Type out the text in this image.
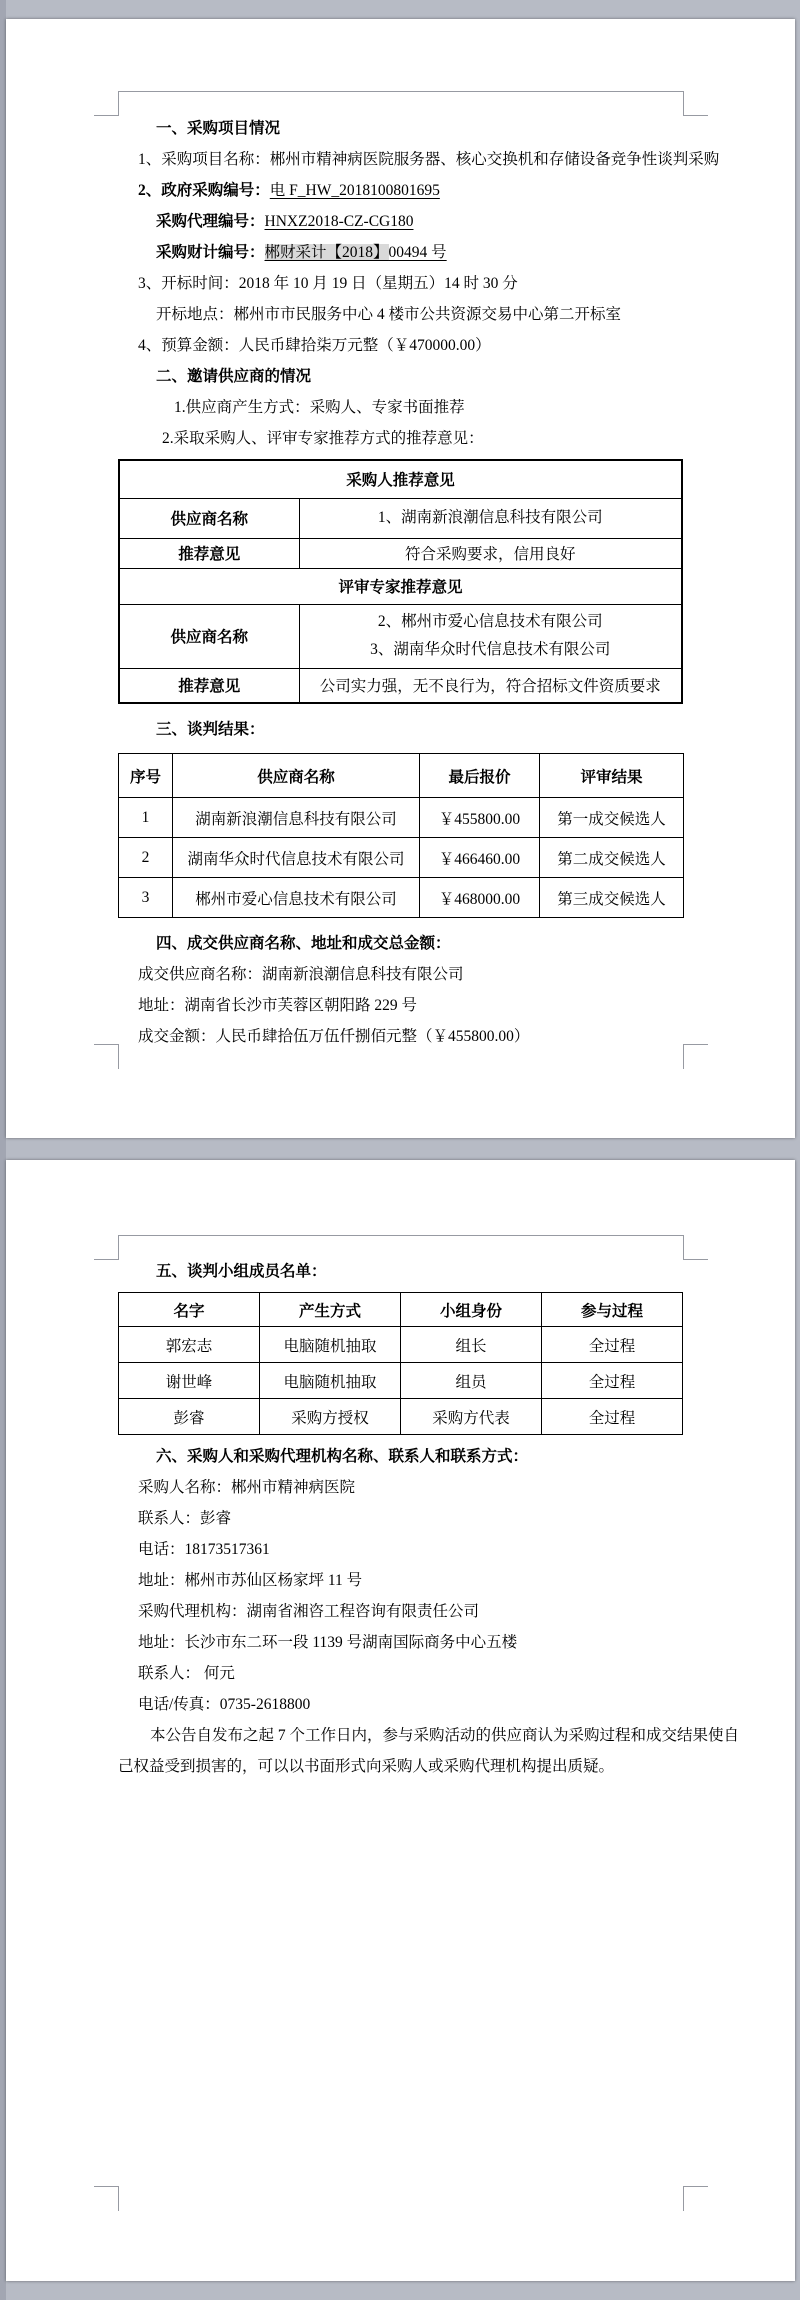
一、采购项目情况
1、采购项目名称：郴州市精神病医院服务器、核心交换机和存储设备竞争性谈判采购
2、政府采购编号：电 F_HW_2018100801695
采购代理编号：HNXZ2018-CZ-CG180
采购财计编号：郴财采计【2018】00494 号
3、开标时间：2018 年 10 月 19 日（星期五）14 时 30 分
开标地点：郴州市市民服务中心 4 楼市公共资源交易中心第二开标室
4、预算金额：人民币肆拾柒万元整（￥470000.00）
二、邀请供应商的情况
1.供应商产生方式：采购人、专家书面推荐
2.采取采购人、评审专家推荐方式的推荐意见：
采购人推荐意见	
供应商名称	1、湖南新浪潮信息科技有限公司

推荐意见	符合采购要求，信用良好
评审专家推荐意见	
供应商名称	2、郴州市爱心信息技术有限公司
3、湖南华众时代信息技术有限公司

推荐意见	公司实力强，无不良行为，符合招标文件资质要求
三、谈判结果：
序号	供应商名称	最后报价	评审结果
1	湖南新浪潮信息科技有限公司	￥455800.00	第一成交候选人
2	湖南华众时代信息技术有限公司	￥466460.00	第二成交候选人
3	郴州市爱心信息技术有限公司	￥468000.00	第三成交候选人
四、成交供应商名称、地址和成交总金额：
成交供应商名称：湖南新浪潮信息科技有限公司
地址：湖南省长沙市芙蓉区朝阳路 229 号
成交金额：人民币肆拾伍万伍仟捌佰元整（￥455800.00）
五、谈判小组成员名单：
名字	产生方式	小组身份	参与过程
郭宏志	电脑随机抽取	组长	全过程
谢世峰	电脑随机抽取	组员	全过程
彭睿	采购方授权	采购方代表	全过程
六、采购人和采购代理机构名称、联系人和联系方式：
采购人名称：郴州市精神病医院
联系人：彭睿
电话：18173517361
地址：郴州市苏仙区杨家坪 11 号
采购代理机构：湖南省湘咨工程咨询有限责任公司
地址：长沙市东二环一段 1139 号湖南国际商务中心五楼
联系人： 何元
电话/传真：0735-2618800
本公告自发布之起 7 个工作日内，参与采购活动的供应商认为采购过程和成交结果使自
己权益受到损害的，可以以书面形式向采购人或采购代理机构提出质疑。
